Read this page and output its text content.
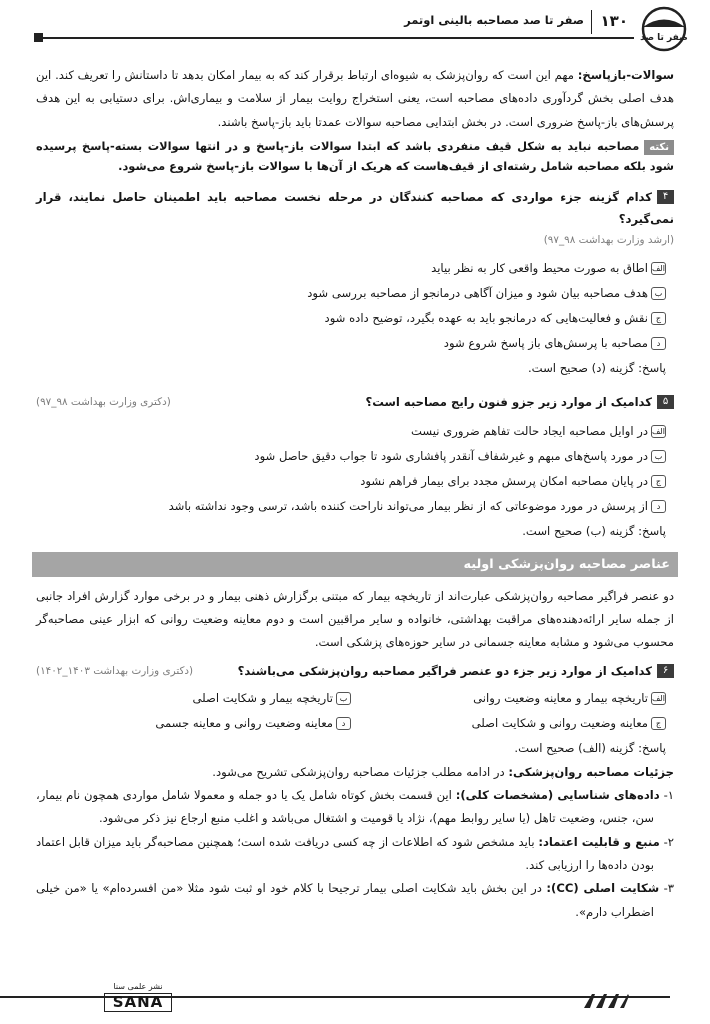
صفر تا صد
۱۳۰
صفر تا صد مصاحبه بالینی اوتمر

سوالات-بازپاسخ: مهم این است که روان‌پزشک به شیوه‌ای ارتباط برقرار کند که به بیمار امکان بدهد تا داستانش را تعریف کند. این هدف اصلی بخش گردآوری داده‌های مصاحبه است، یعنی استخراج روایت بیمار از سلامت و بیماری‌اش. برای دستیابی به این هدف پرسش‌های باز-پاسخ ضروری است. در بخش ابتدایی مصاحبه سوالات عمدتا باید باز-پاسخ باشند.

نکتهمصاحبه نباید به شکل قیف منفردی باشد که ابتدا سوالات باز-پاسخ و در انتها سوالات بسته-پاسخ پرسیده شود بلکه مصاحبه شامل رشته‌ای از قیف‌هاست که هریک از آن‌ها با سوالات باز-پاسخ شروع می‌شود.

۴کدام گزینه جزء مواردی که مصاحبه کنندگان در مرحله نخست مصاحبه باید اطمینان حاصل نمایند، قرار نمی‌گیرد؟

(ارشد وزارت بهداشت ۹۸_۹۷)

الفاطاق به صورت محیط واقعی کار به نظر بیاید
بهدف مصاحبه بیان شود و میزان آگاهی درمانجو از مصاحبه بررسی شود
جنقش و فعالیت‌هایی که درمانجو باید به عهده بگیرد، توضیح داده شود
دمصاحبه با پرسش‌های باز پاسخ شروع شود
پاسخ: گزینه (د) صحیح است.
(دکتری وزارت بهداشت ۹۸_۹۷)	۵کدامیک از موارد زیر جزو فنون رایج مصاحبه است؟
الفدر اوایل مصاحبه ایجاد حالت تفاهم ضروری نیست
بدر مورد پاسخ‌های مبهم و غیرشفاف آنقدر پافشاری شود تا جواب دقیق حاصل شود
جدر پایان مصاحبه امکان پرسش مجدد برای بیمار فراهم نشود
داز پرسش در مورد موضوعاتی که از نظر بیمار می‌تواند ناراحت کننده باشد، ترسی وجود نداشته باشد
پاسخ: گزینه (ب) صحیح است.
عناصر مصاحبه روان‌پزشکی اولیه

دو عنصر فراگیر مصاحبه روان‌پزشکی عبارت‌اند از تاریخچه بیمار که مبتنی برگزارش ذهنی بیمار و در برخی موارد گزارش افراد جانبی از جمله سایر ارائه‌دهنده‌های مراقبت بهداشتی، خانواده و سایر مراقبین است و دوم معاینه وضعیت روانی که ابزار عینی مصاحبه‌گر محسوب می‌شود و مشابه معاینه جسمانی در سایر حوزه‌های پزشکی است.

(دکتری وزارت بهداشت ۱۴۰۳_۱۴۰۲)	۶کدامیک از موارد زیر جزء دو عنصر فراگیر مصاحبه روان‌پزشکی می‌باشند؟
الفتاریخچه بیمار و معاینه وضعیت روانی
بتاریخچه بیمار و شکایت اصلی
جمعاینه وضعیت روانی و شکایت اصلی
دمعاینه وضعیت روانی و معاینه جسمی
پاسخ: گزینه (الف) صحیح است.

جزئیات مصاحبه روان‌پزشکی: در ادامه مطلب جزئیات مصاحبه روان‌پزشکی تشریح می‌شود.

۱- داده‌های شناسایی (مشخصات کلی): این قسمت بخش کوتاه شامل یک یا دو جمله و معمولا شامل مواردی همچون نام بیمار، سن، جنس، وضعیت تاهل (یا سایر روابط مهم)، نژاد یا قومیت و اشتغال می‌باشد و اغلب منبع ارجاع نیز ذکر می‌شود.

۲- منبع و قابلیت اعتماد: باید مشخص شود که اطلاعات از چه کسی دریافت شده است؛ همچنین مصاحبه‌گر باید میزان قابل اعتماد بودن داده‌ها را ارزیابی کند.

۳- شکایت اصلی (CC): در این بخش باید شکایت اصلی بیمار ترجیحا با کلام خود او ثبت شود مثلا «من افسرده‌ام» یا «من خیلی اضطراب دارم».

نشر علمی سنا
SANA
